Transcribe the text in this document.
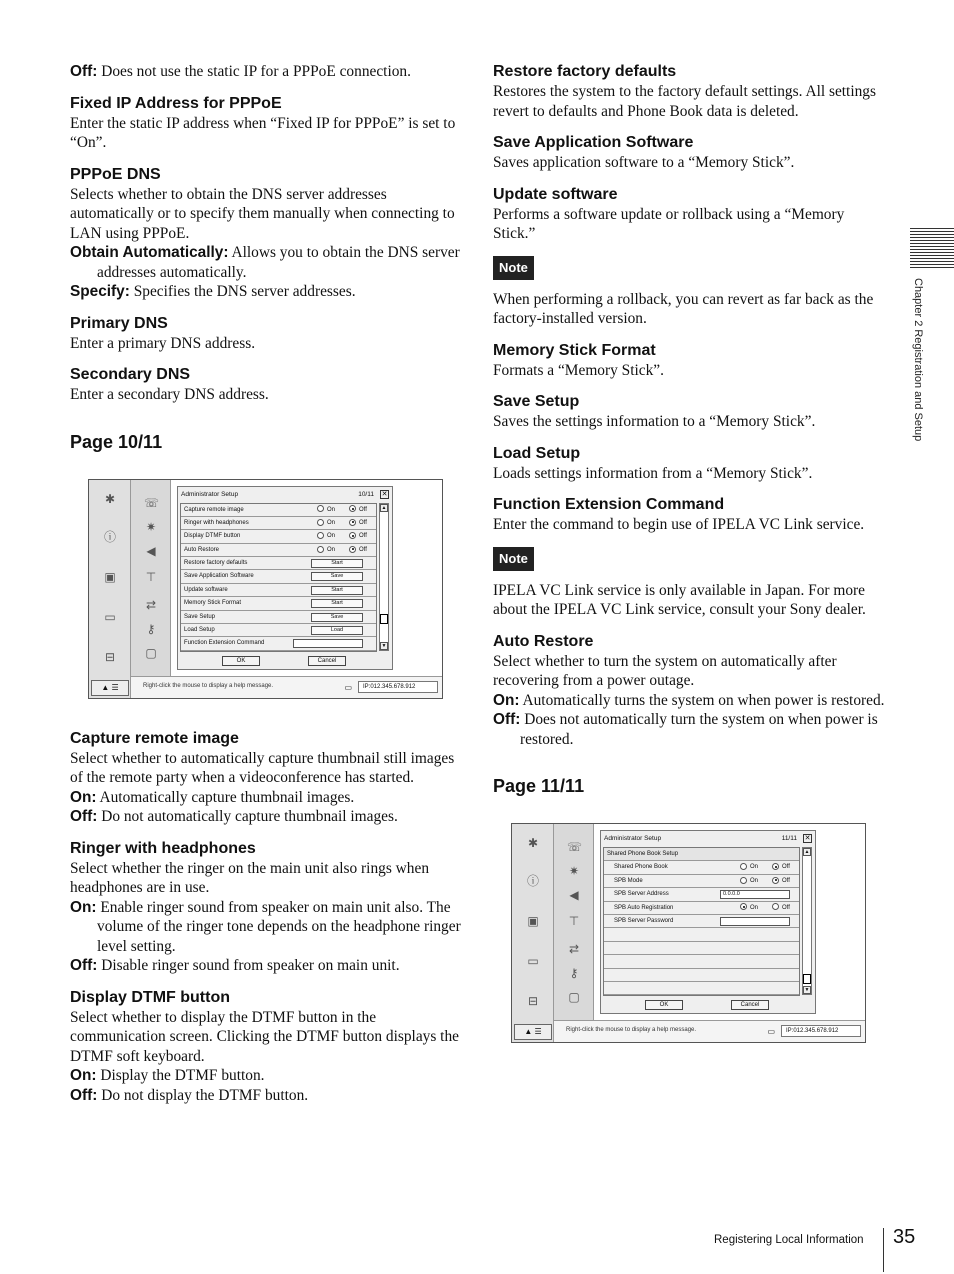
Off: Does not use the static IP for a PPPoE connection.
Fixed IP Address for PPPoE
Enter the static IP address when “Fixed IP for PPPoE” is set to “On”.
PPPoE DNS
Selects whether to obtain the DNS server addresses automatically or to specify them manually when connecting to LAN using PPPoE.
Obtain Automatically: Allows you to obtain the DNS server addresses automatically.
Specify: Specifies the DNS server addresses.
Primary DNS
Enter a primary DNS address.
Secondary DNS
Enter a secondary DNS address.
Page 10/11
✱
ⓘ
▣
▭
⊟
▲ ☰
☏
✷
◀
⊤
⇄
⚷
▢
Administrator Setup	10/11 ✕
Capture remote image	On	Off
Ringer with headphones	On	Off
Display DTMF button	On	Off
Auto Restore	On	Off
Restore factory defaults	Start
Save Application Software	Save
Update software	Start
Memory Stick Format	Start
Save Setup	Save
Load Setup	Load
Function Extension Command
▲
▼
OK	Cancel
Right-click the mouse to display a help message.	▭	IP:012.345.678.912
Capture remote image
Select whether to automatically capture thumbnail still images of the remote party when a videoconference has started.
On: Automatically capture thumbnail images.
Off: Do not automatically capture thumbnail images.
Ringer with headphones
Select whether the ringer on the main unit also rings when headphones are in use.
On: Enable ringer sound from speaker on main unit also. The volume of the ringer tone depends on the headphone ringer level setting.
Off: Disable ringer sound from speaker on main unit.
Display DTMF button
Select whether to display the DTMF button in the communication screen. Clicking the DTMF button displays the DTMF soft keyboard.
On: Display the DTMF button.
Off: Do not display the DTMF button.
Restore factory defaults
Restores the system to the factory default settings. All settings revert to defaults and Phone Book data is deleted.
Save Application Software
Saves application software to a “Memory Stick”.
Update software
Performs a software update or rollback using a “Memory Stick.”
Note
When performing a rollback, you can revert as far back as the factory-installed version.
Memory Stick Format
Formats a “Memory Stick”.
Save Setup
Saves the settings information to a “Memory Stick”.
Load Setup
Loads settings information from a “Memory Stick”.
Function Extension Command
Enter the command to begin use of IPELA VC Link service.
Note
IPELA VC Link service is only available in Japan. For more about the IPELA VC Link service, consult your Sony dealer.
Auto Restore
Select whether to turn the system on automatically after recovering from a power outage.
On: Automatically turns the system on when power is restored.
Off: Does not automatically turn the system on when power is restored.
Page 11/11
✱
ⓘ
▣
▭
⊟
▲ ☰
☏
✷
◀
⊤
⇄
⚷
▢
Administrator Setup	11/11 ✕
Shared Phone Book Setup
Shared Phone Book	On	Off
SPB Mode	On	Off
SPB Server Address	0.0.0.0
SPB Auto Registration	On	Off
SPB Server Password
▲
▼
OK	Cancel
Right-click the mouse to display a help message.	▭	IP:012.345.678.912
Chapter 2 Registration and Setup
Registering Local Information 35
